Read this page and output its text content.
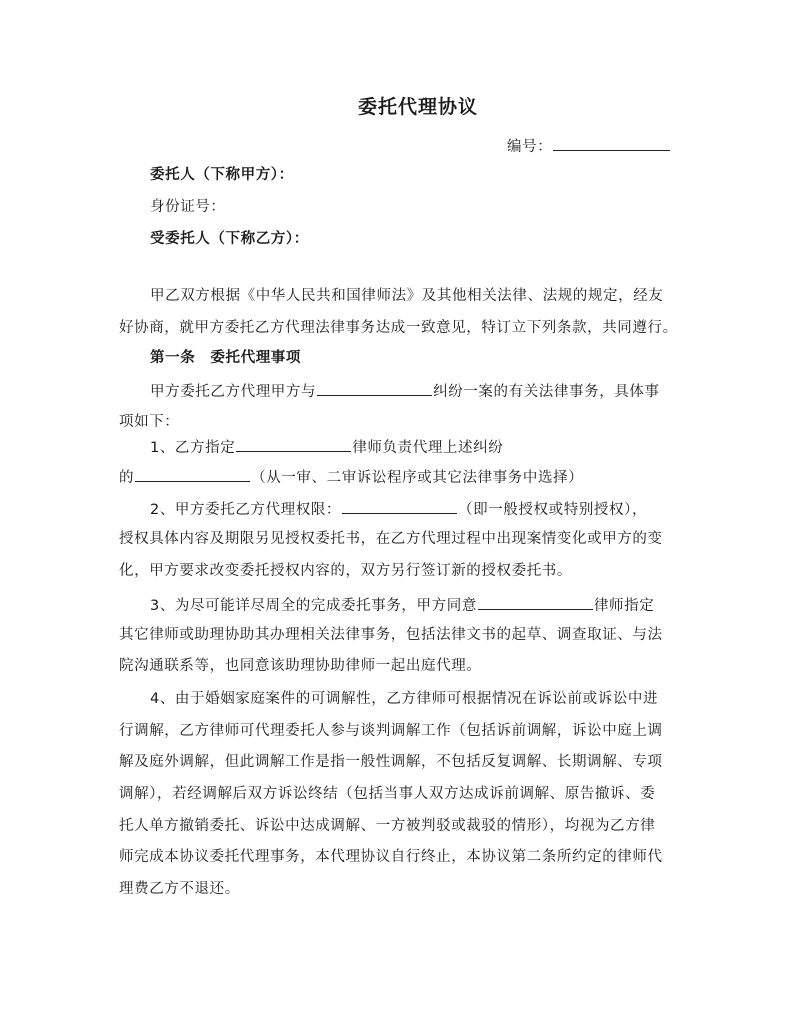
委托代理协议
编号：
委托人（下称甲方）：
身份证号：
受委托人（下称乙方）：
甲乙双方根据《中华人民共和国律师法》及其他相关法律、法规的规定，经友
好协商，就甲方委托乙方代理法律事务达成一致意见，特订立下列条款，共同遵行。
第一条　委托代理事项
甲方委托乙方代理甲方与	纠纷一案的有关法律事务，具体事
项如下：
1、乙方指定	律师负责代理上述纠纷
的	（从一审、二审诉讼程序或其它法律事务中选择）
2、甲方委托乙方代理权限：	（即一般授权或特别授权），
授权具体内容及期限另见授权委托书，在乙方代理过程中出现案情变化或甲方的变
化，甲方要求改变委托授权内容的，双方另行签订新的授权委托书。
3、为尽可能详尽周全的完成委托事务，甲方同意	律师指定
其它律师或助理协助其办理相关法律事务，包括法律文书的起草、调查取证、与法
院沟通联系等，也同意该助理协助律师一起出庭代理。
4、由于婚姻家庭案件的可调解性，乙方律师可根据情况在诉讼前或诉讼中进
行调解，乙方律师可代理委托人参与谈判调解工作（包括诉前调解，诉讼中庭上调
解及庭外调解，但此调解工作是指一般性调解，不包括反复调解、长期调解、专项
调解），若经调解后双方诉讼终结（包括当事人双方达成诉前调解、原告撤诉、委
托人单方撤销委托、诉讼中达成调解、一方被判驳或裁驳的情形），均视为乙方律
师完成本协议委托代理事务，本代理协议自行终止，本协议第二条所约定的律师代
理费乙方不退还。
